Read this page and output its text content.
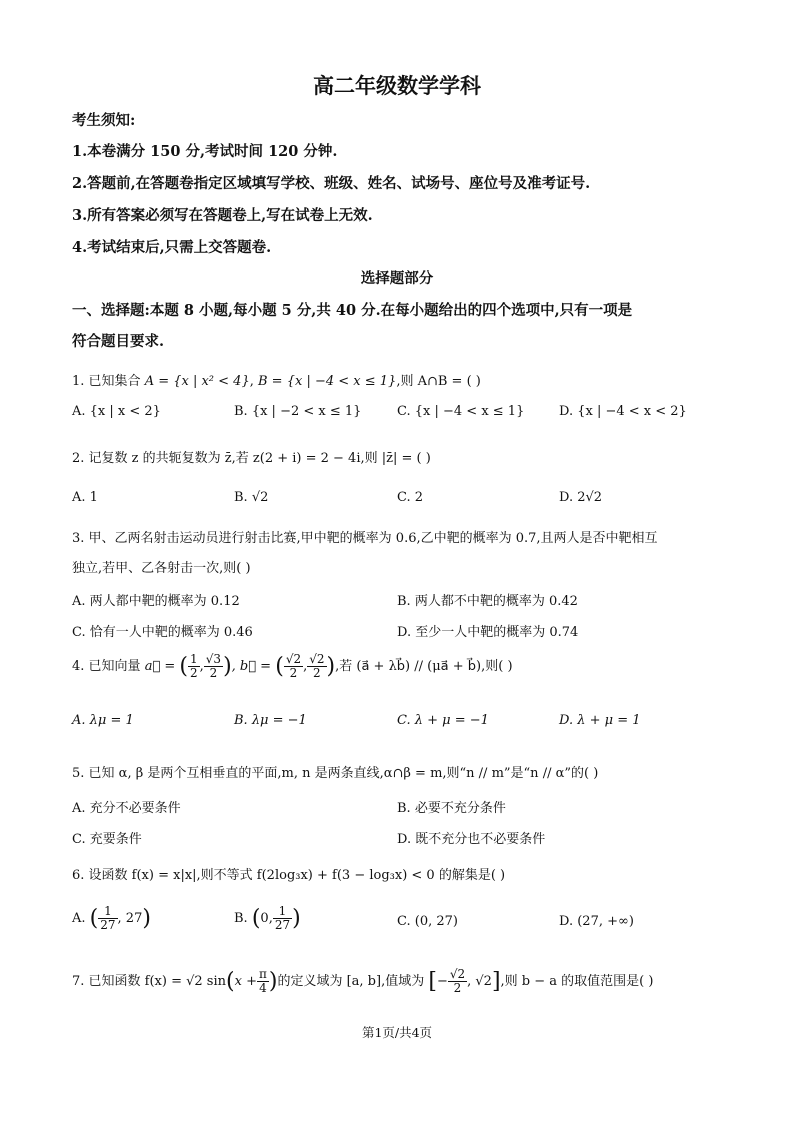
高二年级数学学科
考生须知:
1.本卷满分 150 分,考试时间 120 分钟.
2.答题前,在答题卷指定区域填写学校、班级、姓名、试场号、座位号及准考证号.
3.所有答案必须写在答题卷上,写在试卷上无效.
4.考试结束后,只需上交答题卷.
选择题部分
一、选择题:本题 8 小题,每小题 5 分,共 40 分.在每小题给出的四个选项中,只有一项是
符合题目要求.
1. 已知集合 A = {x | x² < 4}, B = {x | −4 < x ≤ 1},则 A∩B = ( )
A. {x | x < 2}	B. {x | −2 < x ≤ 1}	C. {x | −4 < x ≤ 1}	D. {x | −4 < x < 2}
2. 记复数 z 的共轭复数为 z̄,若 z(2 + i) = 2 − 4i,则 |z̄| = ( )
A. 1	B. √2	C. 2	D. 2√2
3. 甲、乙两名射击运动员进行射击比赛,甲中靶的概率为 0.6,乙中靶的概率为 0.7,且两人是否中靶相互
独立,若甲、乙各射击一次,则( )
A. 两人都中靶的概率为 0.12	B. 两人都不中靶的概率为 0.42
C. 恰有一人中靶的概率为 0.46	D. 至少一人中靶的概率为 0.74
4. 已知向量 a⃗ = ( $\frac{1}{2}$ , $\frac{√3}{2}$ ), b⃗ = ( $\frac{√2}{2}$ , $\frac{√2}{2}$ ),若 (a⃗ + λb⃗) // (μa⃗ + b⃗),则( )
A. λμ = 1	B. λμ = −1	C. λ + μ = −1	D. λ + μ = 1
5. 已知 α, β 是两个互相垂直的平面,m, n 是两条直线,α∩β = m,则“n // m”是“n // α”的( )
A. 充分不必要条件	B. 必要不充分条件
C. 充要条件	D. 既不充分也不必要条件
6. 设函数 f(x) = x|x|,则不等式 f(2log₃x) + f(3 − log₃x) < 0 的解集是( )
A. ( $\frac{1}{27}$ , 27)	B. (0, $\frac{1}{27}$ )	C. (0, 27)	D. (27, +∞)
7. 已知函数 f(x) = √2 $\sin(x + \frac{\pi}{4}$ )的定义域为 [a, b],值域为 [− $\frac{√2}{2}$ , √2],则 b − a 的取值范围是( )
第1页/共4页
